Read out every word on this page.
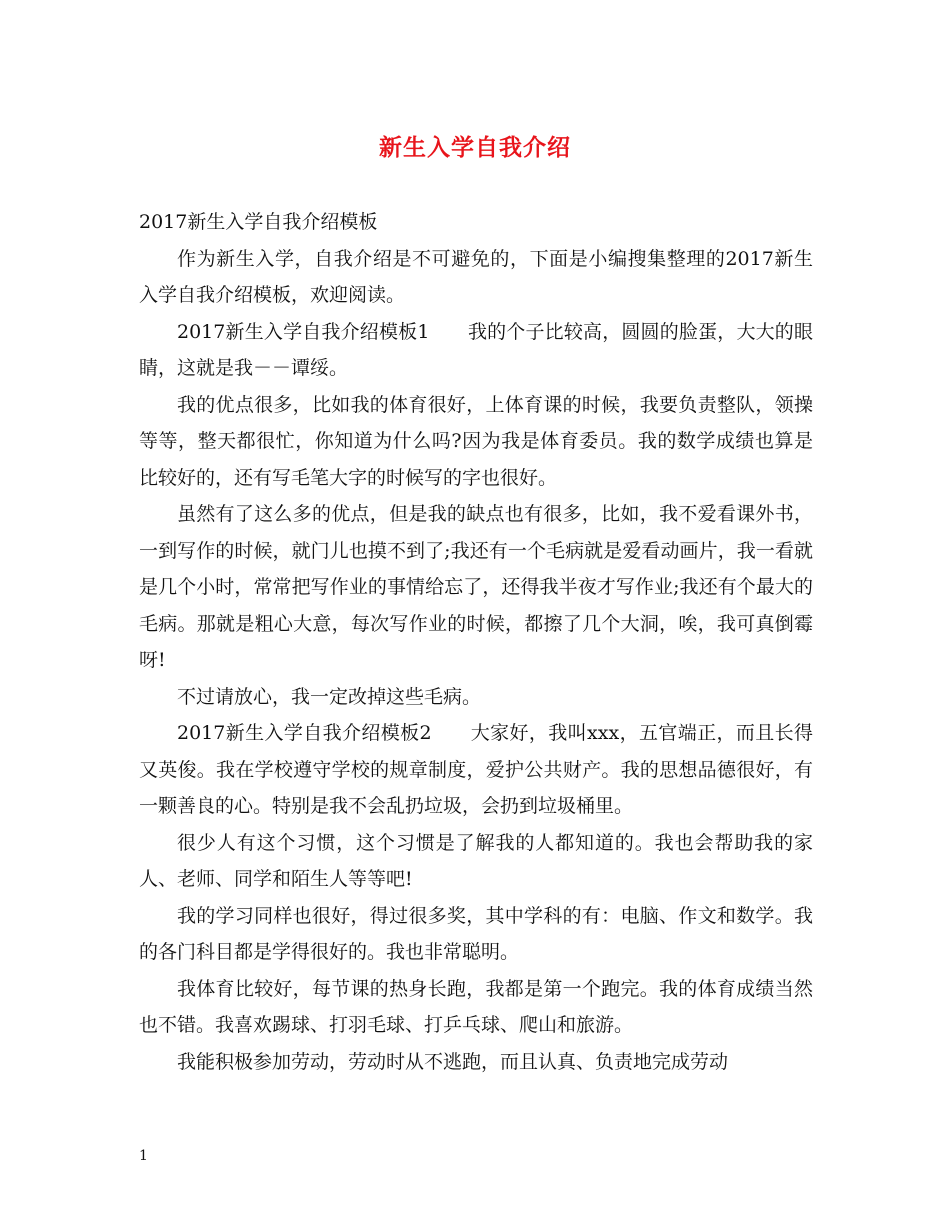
新生入学自我介绍

2017新生入学自我介绍模板

作为新生入学，自我介绍是不可避免的，下面是小编搜集整理的2017新生入学自我介绍模板，欢迎阅读。

2017新生入学自我介绍模板1　　我的个子比较高，圆圆的脸蛋，大大的眼睛，这就是我－－谭绥。

我的优点很多，比如我的体育很好，上体育课的时候，我要负责整队，领操等等，整天都很忙，你知道为什么吗?因为我是体育委员。我的数学成绩也算是比较好的，还有写毛笔大字的时候写的字也很好。

虽然有了这么多的优点，但是我的缺点也有很多，比如，我不爱看课外书，一到写作的时候，就门儿也摸不到了;我还有一个毛病就是爱看动画片，我一看就是几个小时，常常把写作业的事情给忘了，还得我半夜才写作业;我还有个最大的毛病。那就是粗心大意，每次写作业的时候，都擦了几个大洞，唉，我可真倒霉呀!

不过请放心，我一定改掉这些毛病。

2017新生入学自我介绍模板2　　大家好，我叫xxx，五官端正，而且长得又英俊。我在学校遵守学校的规章制度，爱护公共财产。我的思想品德很好，有一颗善良的心。特别是我不会乱扔垃圾，会扔到垃圾桶里。

很少人有这个习惯，这个习惯是了解我的人都知道的。我也会帮助我的家人、老师、同学和陌生人等等吧!

我的学习同样也很好，得过很多奖，其中学科的有：电脑、作文和数学。我的各门科目都是学得很好的。我也非常聪明。

我体育比较好，每节课的热身长跑，我都是第一个跑完。我的体育成绩当然也不错。我喜欢踢球、打羽毛球、打乒乓球、爬山和旅游。

我能积极参加劳动，劳动时从不逃跑，而且认真、负责地完成劳动

1
